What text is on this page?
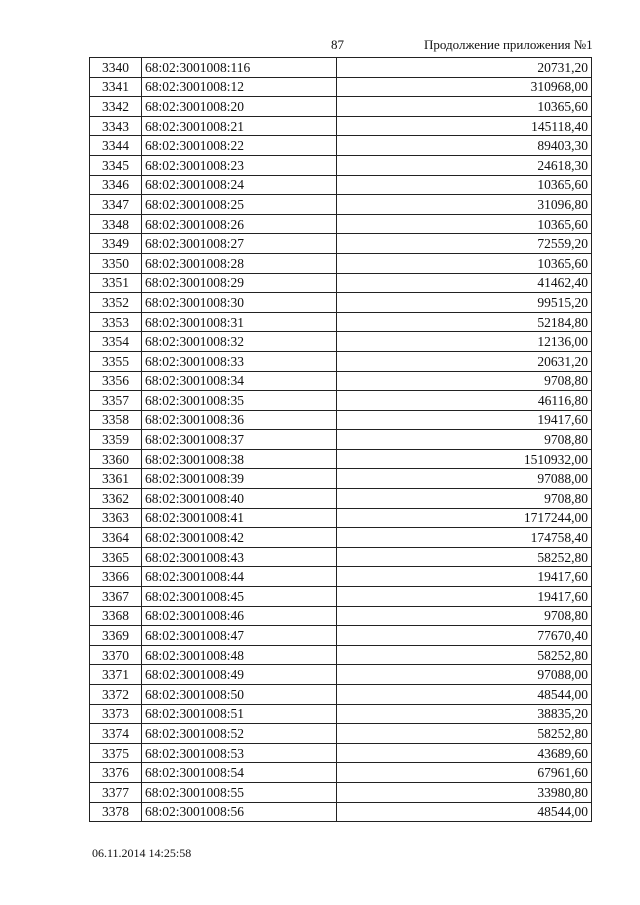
87	Продолжение приложения №1
3340	68:02:3001008:116	20731,20
3341	68:02:3001008:12	310968,00
3342	68:02:3001008:20	10365,60
3343	68:02:3001008:21	145118,40
3344	68:02:3001008:22	89403,30
3345	68:02:3001008:23	24618,30
3346	68:02:3001008:24	10365,60
3347	68:02:3001008:25	31096,80
3348	68:02:3001008:26	10365,60
3349	68:02:3001008:27	72559,20
3350	68:02:3001008:28	10365,60
3351	68:02:3001008:29	41462,40
3352	68:02:3001008:30	99515,20
3353	68:02:3001008:31	52184,80
3354	68:02:3001008:32	12136,00
3355	68:02:3001008:33	20631,20
3356	68:02:3001008:34	9708,80
3357	68:02:3001008:35	46116,80
3358	68:02:3001008:36	19417,60
3359	68:02:3001008:37	9708,80
3360	68:02:3001008:38	1510932,00
3361	68:02:3001008:39	97088,00
3362	68:02:3001008:40	9708,80
3363	68:02:3001008:41	1717244,00
3364	68:02:3001008:42	174758,40
3365	68:02:3001008:43	58252,80
3366	68:02:3001008:44	19417,60
3367	68:02:3001008:45	19417,60
3368	68:02:3001008:46	9708,80
3369	68:02:3001008:47	77670,40
3370	68:02:3001008:48	58252,80
3371	68:02:3001008:49	97088,00
3372	68:02:3001008:50	48544,00
3373	68:02:3001008:51	38835,20
3374	68:02:3001008:52	58252,80
3375	68:02:3001008:53	43689,60
3376	68:02:3001008:54	67961,60
3377	68:02:3001008:55	33980,80
3378	68:02:3001008:56	48544,00
06.11.2014 14:25:58
